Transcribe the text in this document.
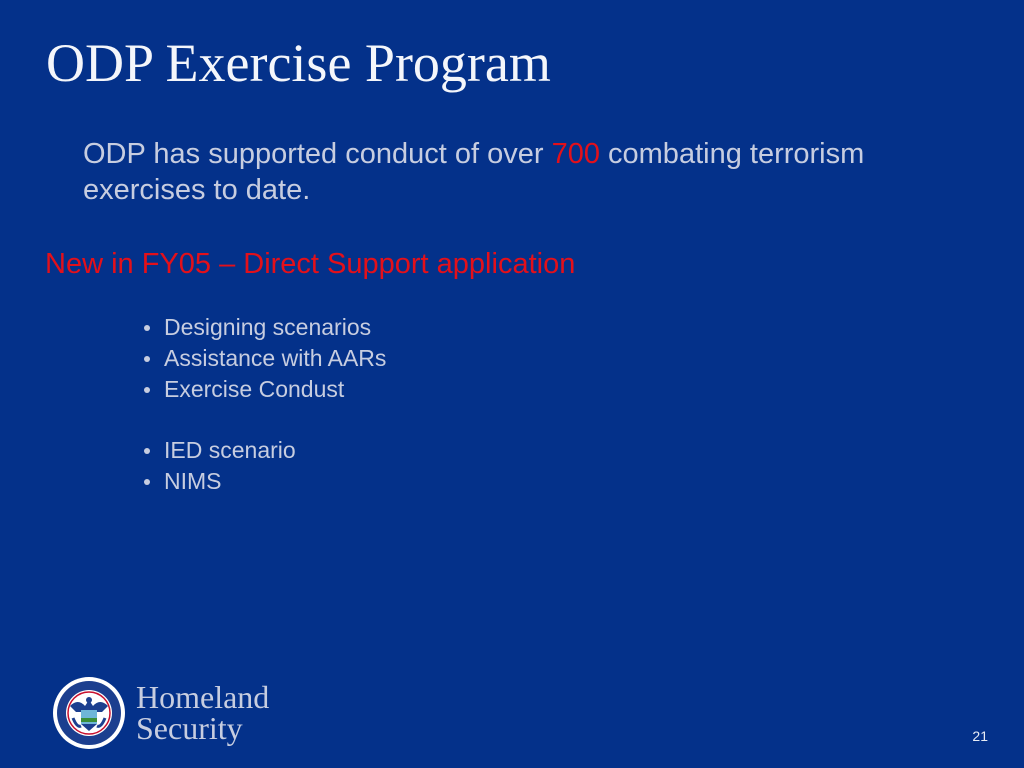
ODP Exercise Program
ODP has supported conduct of over 700 combating terrorism exercises to date.
New in FY05 – Direct Support application
Designing scenarios
Assistance with AARs
Exercise Condust
IED scenario
NIMS
Homeland
Security	21
